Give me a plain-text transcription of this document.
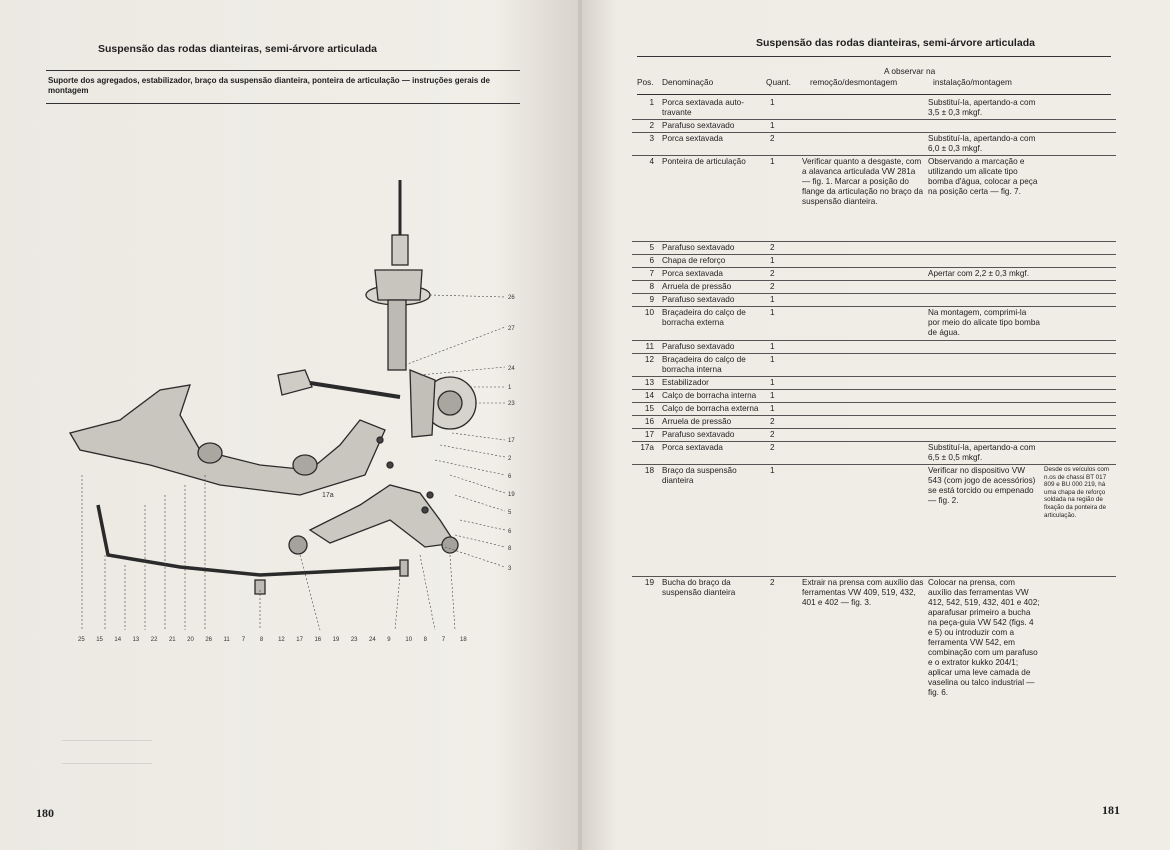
Suspensão das rodas dianteiras, semi-árvore articulada
Suporte dos agregados, estabilizador, braço da suspensão dianteira, ponteira de articulação — instruções gerais de montagem
26
27
24
1
23
17
2
6
19
5
6
8
3
25 15 14 13 22 21 20 26 11 7 8 12 17 16 19 23 24 9 10 8 7 18
17a
180
Suspensão das rodas dianteiras, semi-árvore articulada
A observar na
Pos. Denominação	Quant. remoção/desmontagem	instalação/montagem
1	Porca sextavada auto-travante	1		Substituí-la, apertando-a com 3,5 ± 0,3 mkgf.	
2	Parafuso sextavado	1			
3	Porca sextavada	2		Substituí-la, apertando-a com 6,0 ± 0,3 mkgf.	
4	Ponteira de articulação	1	Verificar quanto a desgaste, com a alavanca articulada VW 281a — fig. 1. Marcar a posição do flange da articulação no braço da suspensão dianteira.	Observando a marcação e utilizando um alicate tipo bomba d'água, colocar a peça na posição certa — fig. 7.	
5	Parafuso sextavado	2			
6	Chapa de reforço	1			
7	Porca sextavada	2		Apertar com 2,2 ± 0,3 mkgf.	
8	Arruela de pressão	2			
9	Parafuso sextavado	1			
10	Braçadeira do calço de borracha externa	1		Na montagem, comprimi-la por meio do alicate tipo bomba de água.	
11	Parafuso sextavado	1			
12	Braçadeira do calço de borracha interna	1			
13	Estabilizador	1			
14	Calço de borracha interna	1			
15	Calço de borracha externa	1			
16	Arruela de pressão	2			
17	Parafuso sextavado	2			
17a	Porca sextavada	2		Substituí-la, apertando-a com 6,5 ± 0,5 mkgf.	
18	Braço da suspensão dianteira	1		Verificar no dispositivo VW 543 (com jogo de acessórios) se está torcido ou empenado — fig. 2.	Desde os veículos com n.os de chassi BT 017 809 e BU 000 219, há uma chapa de reforço soldada na região de fixação da ponteira de articulação.
19	Bucha do braço da suspensão dianteira	2	Extrair na prensa com auxílio das ferramentas VW 409, 519, 432, 401 e 402 — fig. 3.	Colocar na prensa, com auxílio das ferramentas VW 412, 542, 519, 432, 401 e 402; aparafusar primeiro a bucha na peça-guia VW 542 (figs. 4 e 5) ou introduzir com a ferramenta VW 542, em combinação com um parafuso e o extrator kukko 204/1; aplicar uma leve camada de vaselina ou talco industrial — fig. 6.	
181
